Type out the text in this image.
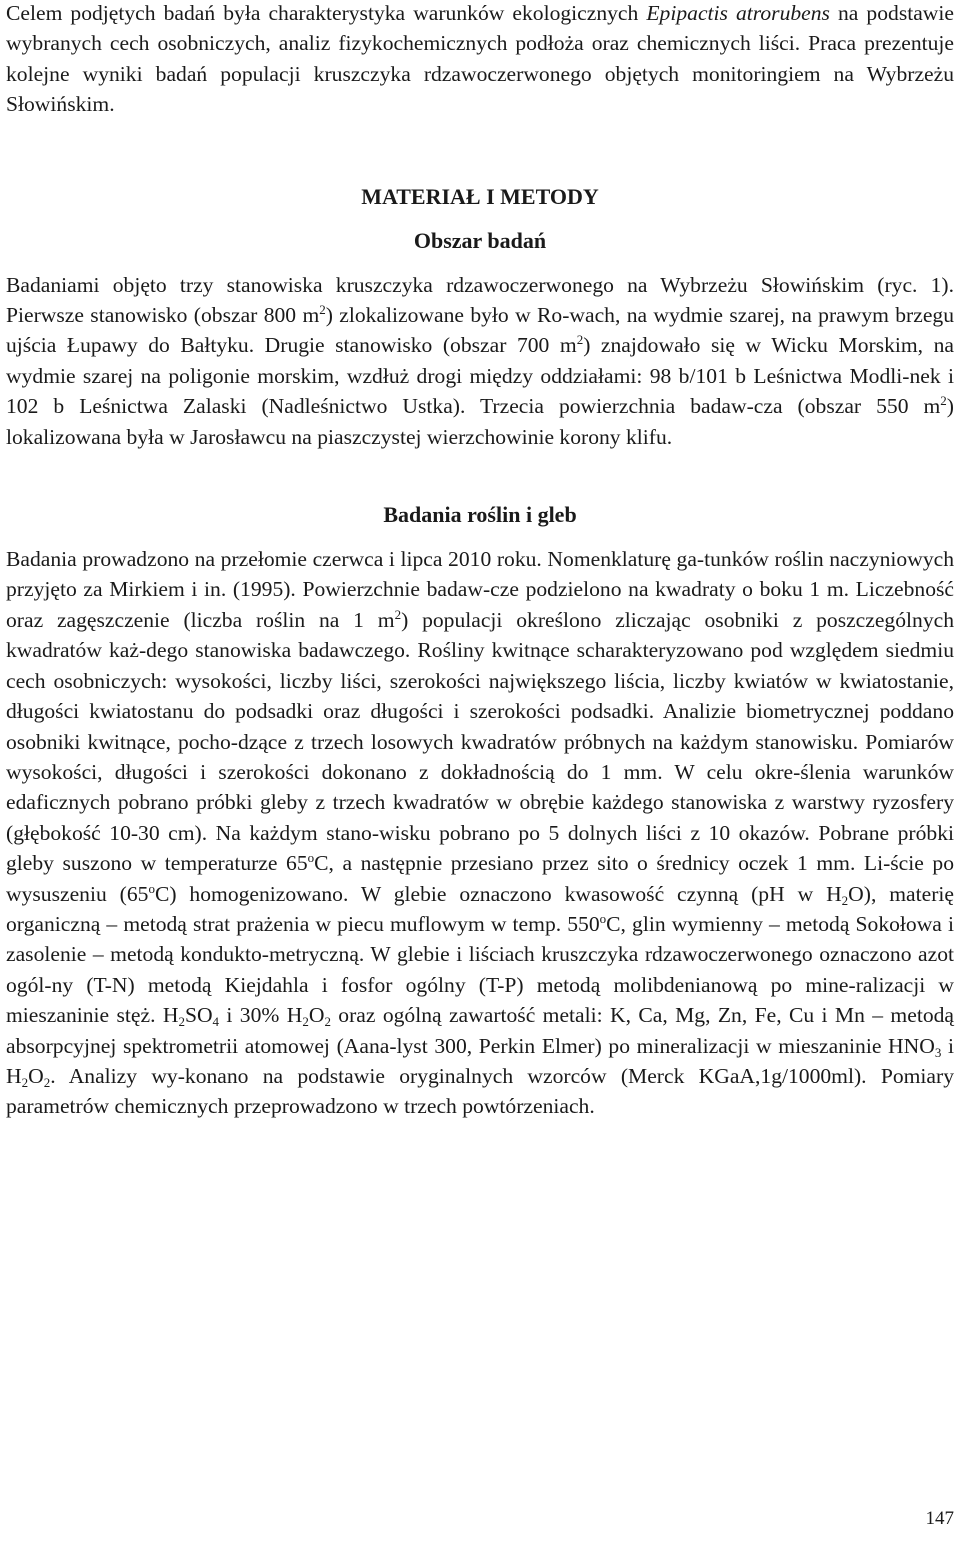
Celem podjętych badań była charakterystyka warunków ekologicznych Epipactis atrorubens na podstawie wybranych cech osobniczych, analiz fizykochemicznych podłoża oraz chemicznych liści. Praca prezentuje kolejne wyniki badań populacji kruszczyka rdzawoczerwonego objętych monitoringiem na Wybrzeżu Słowińskim.

MATERIAŁ I METODY
Obszar badań

Badaniami objęto trzy stanowiska kruszczyka rdzawoczerwonego na Wybrzeżu Słowińskim (ryc. 1). Pierwsze stanowisko (obszar 800 $m^2$) zlokalizowane było w Ro-wach, na wydmie szarej, na prawym brzegu ujścia Łupawy do Bałtyku. Drugie stanowisko (obszar 700 $m^2$) znajdowało się w Wicku Morskim, na wydmie szarej na poligonie morskim, wzdłuż drogi między oddziałami: 98 b/101 b Leśnictwa Modli-nek i 102 b Leśnictwa Zalaski (Nadleśnictwo Ustka). Trzecia powierzchnia badaw-cza (obszar 550 $m^2$) lokalizowana była w Jarosławcu na piaszczystej wierzchowinie korony klifu.

Badania roślin i gleb

Badania prowadzono na przełomie czerwca i lipca 2010 roku. Nomenklaturę ga-tunków roślin naczyniowych przyjęto za Mirkiem i in. (1995). Powierzchnie badaw-cze podzielono na kwadraty o boku 1 m. Liczebność oraz zagęszczenie (liczba roślin na 1 $m^2$) populacji określono zliczając osobniki z poszczególnych kwadratów każ-dego stanowiska badawczego. Rośliny kwitnące scharakteryzowano pod względem siedmiu cech osobniczych: wysokości, liczby liści, szerokości największego liścia, liczby kwiatów w kwiatostanie, długości kwiatostanu do podsadki oraz długości i szerokości podsadki. Analizie biometrycznej poddano osobniki kwitnące, pocho-dzące z trzech losowych kwadratów próbnych na każdym stanowisku. Pomiarów wysokości, długości i szerokości dokonano z dokładnością do 1 mm. W celu okre-ślenia warunków edaficznych pobrano próbki gleby z trzech kwadratów w obrębie każdego stanowiska z warstwy ryzosfery (głębokość 10-30 cm). Na każdym stano-wisku pobrano po 5 dolnych liści z 10 okazów. Pobrane próbki gleby suszono w temperaturze 65$^o$C, a następnie przesiano przez sito o średnicy oczek 1 mm. Li-ście po wysuszeniu (65$^o$C) homogenizowano. W glebie oznaczono kwasowość czynną (pH w $H_2O$), materię organiczną – metodą strat prażenia w piecu muflowym w temp. 550$^o$C, glin wymienny – metodą Sokołowa i zasolenie – metodą kondukto-metryczną. W glebie i liściach kruszczyka rdzawoczerwonego oznaczono azot ogól-ny (T-N) metodą Kiejdahla i fosfor ogólny (T-P) metodą molibdenianową po mine-ralizacji w mieszaninie stęż. $H_2SO_4$ i 30% $H_2O_2$ oraz ogólną zawartość metali: K, Ca, Mg, Zn, Fe, Cu i Mn – metodą absorpcyjnej spektrometrii atomowej (Aana-lyst 300, Perkin Elmer) po mineralizacji w mieszaninie $HNO_3$ i $H_2O_2$. Analizy wy-konano na podstawie oryginalnych wzorców (Merck KGaA,1g/1000ml). Pomiary parametrów chemicznych przeprowadzono w trzech powtórzeniach.

147
